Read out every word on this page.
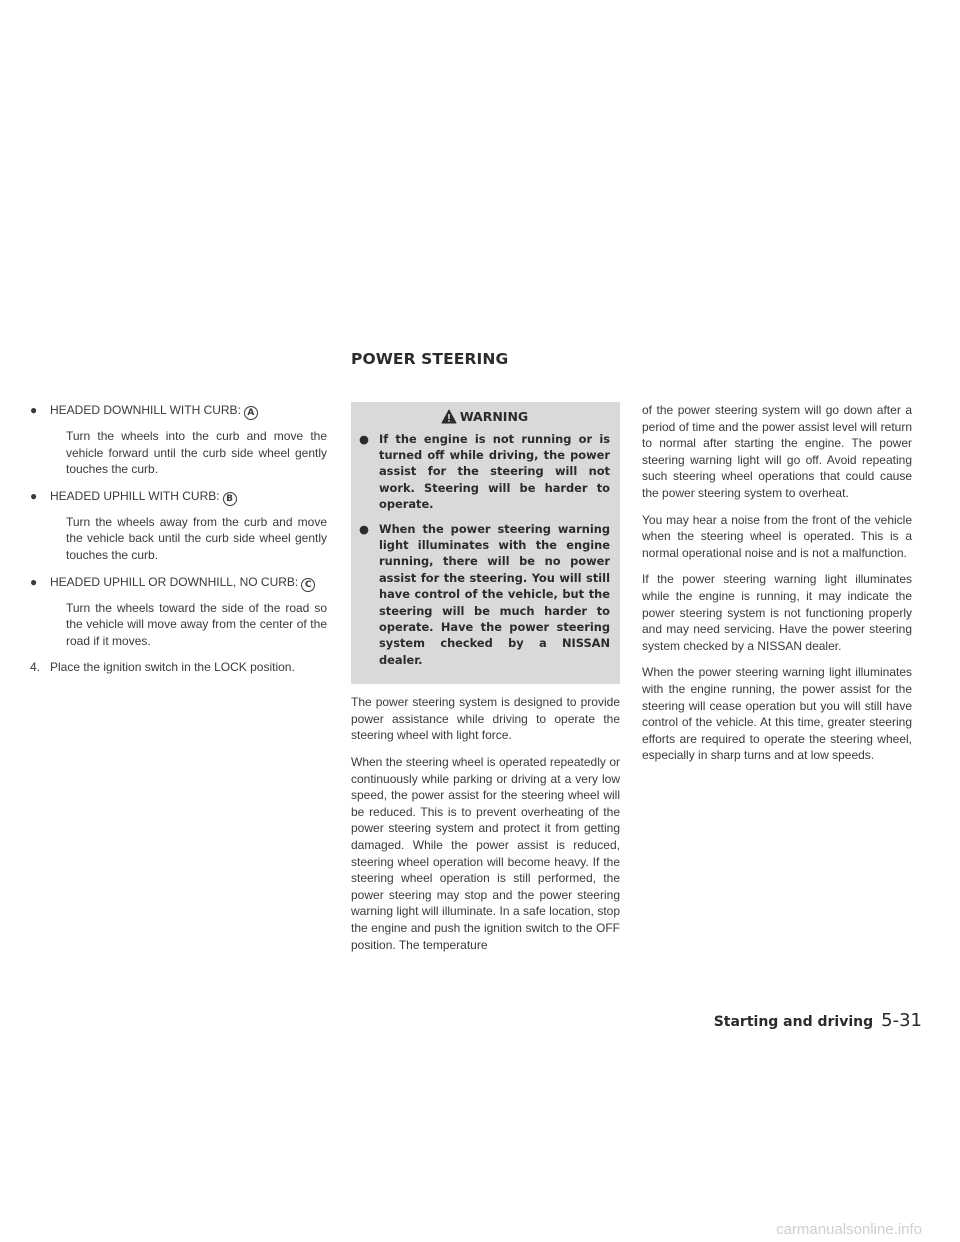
POWER STEERING
● HEADED DOWNHILL WITH CURB: A
Turn the wheels into the curb and move the vehicle forward until the curb side wheel gently touches the curb.
● HEADED UPHILL WITH CURB: B
Turn the wheels away from the curb and move the vehicle back until the curb side wheel gently touches the curb.
● HEADED UPHILL OR DOWNHILL, NO CURB: C
Turn the wheels toward the side of the road so the vehicle will move away from the center of the road if it moves.
4. Place the ignition switch in the LOCK position.
WARNING
● If the engine is not running or is turned off while driving, the power assist for the steering will not work. Steering will be harder to operate.
● When the power steering warning light illuminates with the engine running, there will be no power assist for the steering. You will still have control of the vehicle, but the steering will be much harder to operate. Have the power steering system checked by a NISSAN dealer.

The power steering system is designed to provide power assistance while driving to operate the steering wheel with light force.

When the steering wheel is operated repeatedly or continuously while parking or driving at a very low speed, the power assist for the steering wheel will be reduced. This is to prevent overheating of the power steering system and protect it from getting damaged. While the power assist is reduced, steering wheel operation will become heavy. If the steering wheel operation is still performed, the power steering may stop and the power steering warning light will illuminate. In a safe location, stop the engine and push the ignition switch to the OFF position. The temperature

of the power steering system will go down after a period of time and the power assist level will return to normal after starting the engine. The power steering warning light will go off. Avoid repeating such steering wheel operations that could cause the power steering system to overheat.

You may hear a noise from the front of the vehicle when the steering wheel is operated. This is a normal operational noise and is not a malfunction.

If the power steering warning light illuminates while the engine is running, it may indicate the power steering system is not functioning properly and may need servicing. Have the power steering system checked by a NISSAN dealer.

When the power steering warning light illuminates with the engine running, the power assist for the steering will cease operation but you will still have control of the vehicle. At this time, greater steering efforts are required to operate the steering wheel, especially in sharp turns and at low speeds.

Starting and driving 5-31
carmanualsonline.info
